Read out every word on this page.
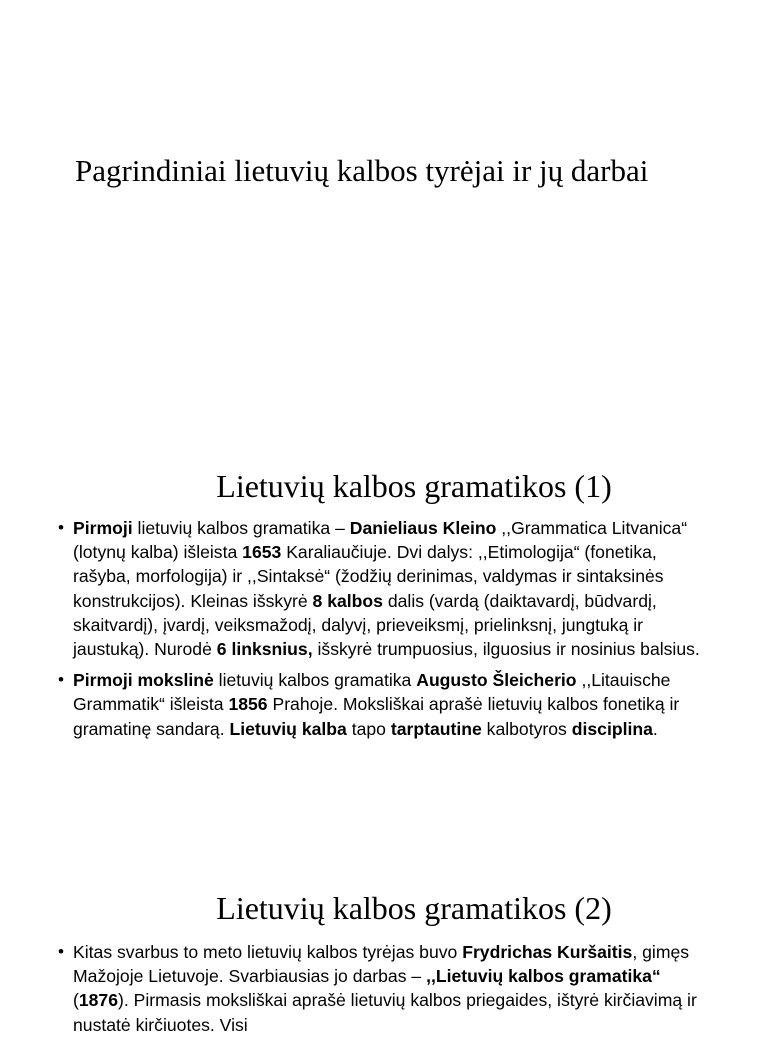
Pagrindiniai lietuvių kalbos tyrėjai ir jų darbai
Lietuvių kalbos gramatikos (1)
• Pirmoji lietuvių kalbos gramatika – Danieliaus Kleino ,,Grammatica Litvanica“ (lotynų kalba) išleista 1653 Karaliaučiuje. Dvi dalys: ,,Etimologija“ (fonetika, rašyba, morfologija) ir ,,Sintaksė“ (žodžių derinimas, valdymas ir sintaksinės konstrukcijos). Kleinas išskyrė 8 kalbos dalis (vardą (daiktavardį, būdvardį, skaitvardį), įvardį, veiksmažodį, dalyvį, prieveiksmį, prielinksnį, jungtuką ir jaustuką). Nurodė 6 linksnius, išskyrė trumpuosius, ilguosius ir nosinius balsius.
• Pirmoji mokslinė lietuvių kalbos gramatika Augusto Šleicherio ,,Litauische Grammatik“ išleista 1856 Prahoje. Moksliškai aprašė lietuvių kalbos fonetiką ir gramatinę sandarą. Lietuvių kalba tapo tarptautine kalbotyros disciplina.
Lietuvių kalbos gramatikos (2)
• Kitas svarbus to meto lietuvių kalbos tyrėjas buvo Frydrichas Kuršaitis, gimęs Mažojoje Lietuvoje. Svarbiausias jo darbas – ,,Lietuvių kalbos gramatika“ (1876). Pirmasis moksliškai aprašė lietuvių kalbos priegaides, ištyrė kirčiavimą ir nustatė kirčiuotes. Visi
